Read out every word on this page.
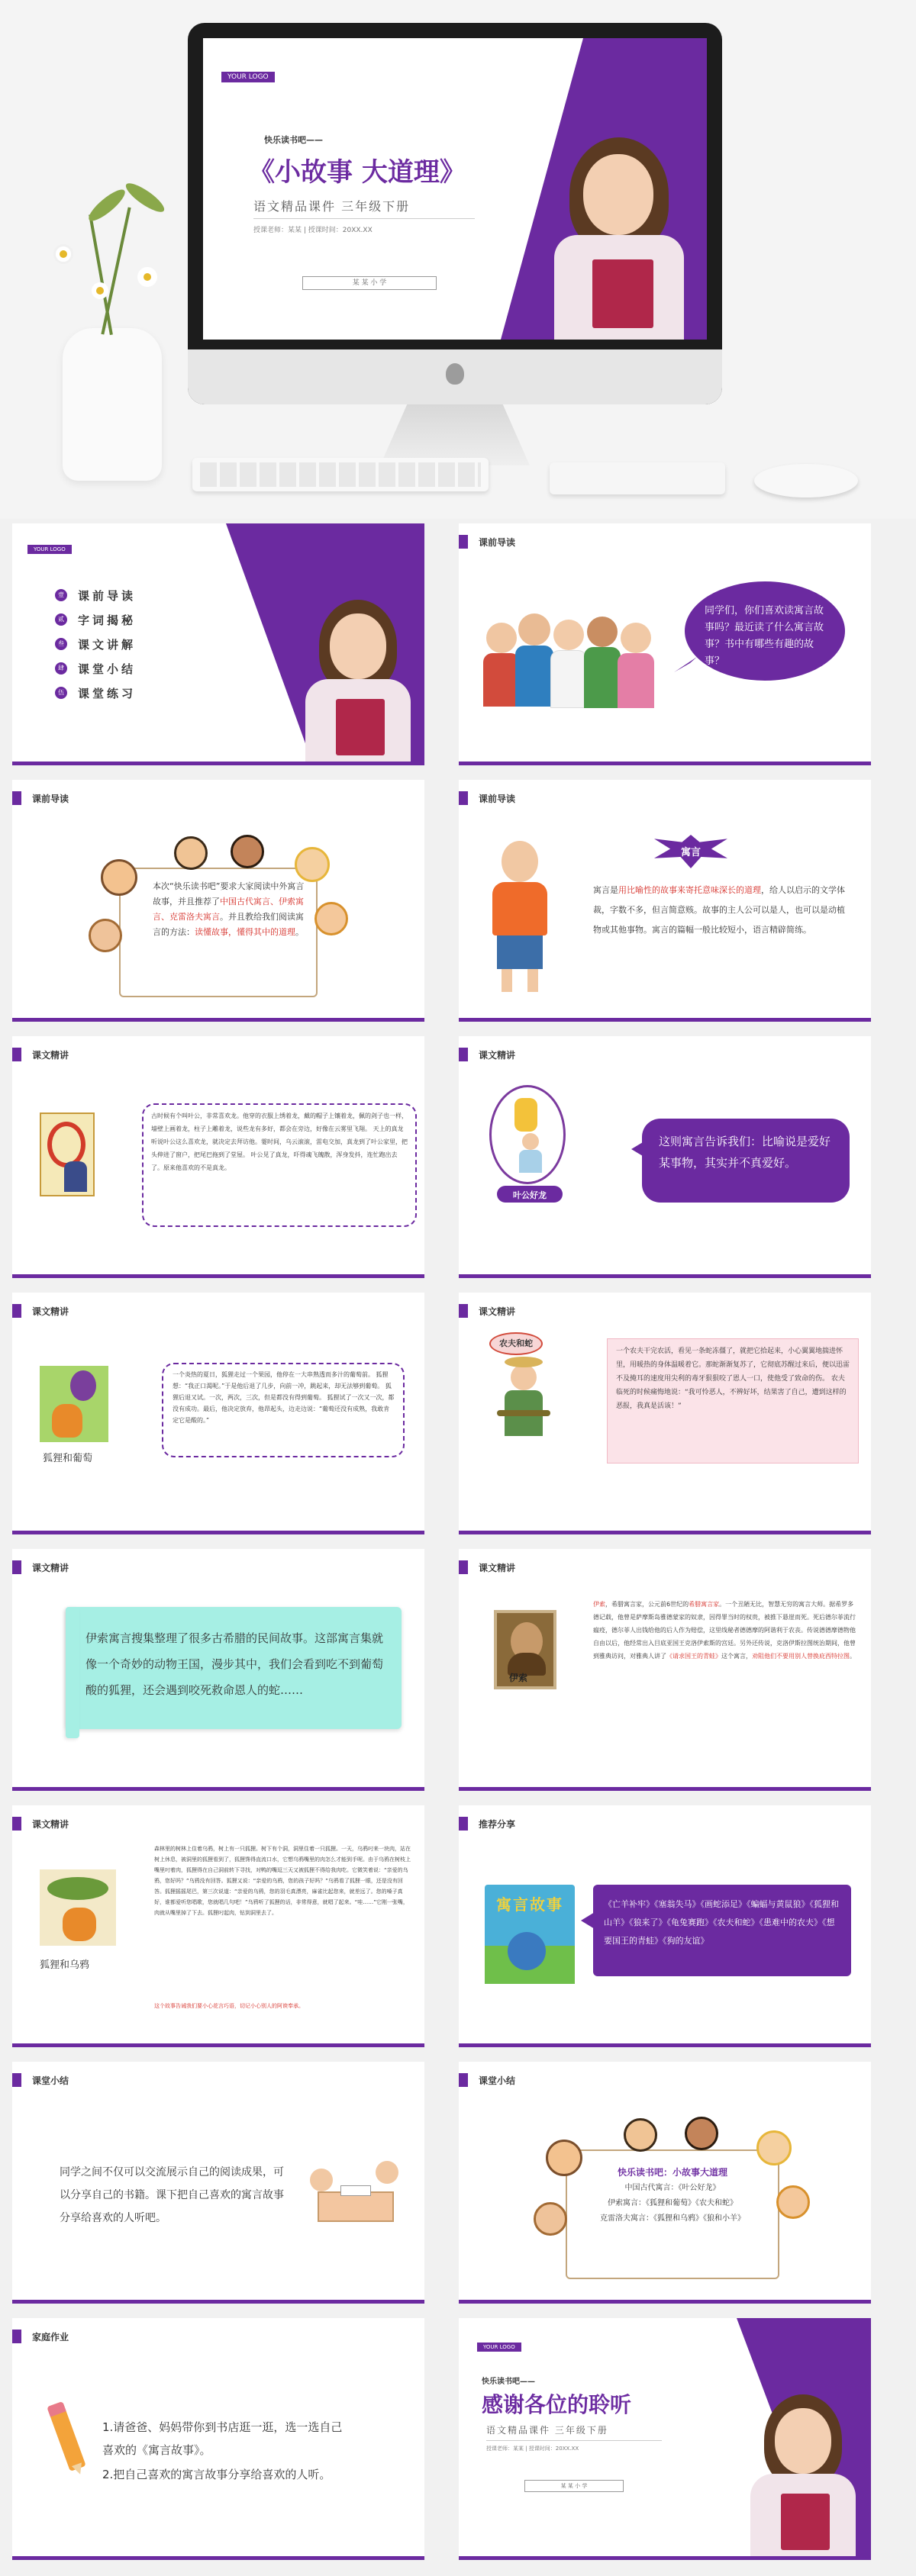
YOUR LOGO
快乐读书吧——
《小故事 大道理》
语文精品课件 三年级下册
授课老师：某某 | 授课时间：20XX.XX
某 某 小 学
YOUR LOGO
壹 课前导读
贰 字词揭秘
叁 课文讲解
肆 课堂小结
伍 课堂练习
课前导读
同学们，你们喜欢读寓言故事吗？最近读了什么寓言故事？书中有哪些有趣的故事？
课前导读
本次“快乐读书吧”要求大家阅读中外寓言故事，并且推荐了中国古代寓言、伊索寓言、克雷洛夫寓言。并且教给我们阅读寓言的方法：读懂故事，懂得其中的道理。
课前导读
寓言
寓言是用比喻性的故事来寄托意味深长的道理，给人以启示的文学体裁，字数不多，但言简意赅。故事的主人公可以是人，也可以是动植物或其他事物。寓言的篇幅一般比较短小，语言精辟简练。
课文精讲
古时候有个叫叶公，非常喜欢龙。他穿的衣服上绣着龙，戴的帽子上镶着龙，佩的剑子也一样，墙壁上画着龙，柱子上雕着龙，说些龙有多好，都会在旁边，好像在云雾里飞翔。 天上的真龙听说叶公这么喜欢龙，就决定去拜访他。霎时间，乌云滚滚，雷电交加，真龙到了叶公家里，把头伸进了窗户，把尾巴拖到了堂屋。 叶公见了真龙，吓得魂飞魄散，浑身发抖，连忙跑出去了。原来他喜欢的不是真龙。
课文精讲
叶公好龙
这则寓言告诉我们：比喻说是爱好某事物，其实并不真爱好。
课文精讲
狐狸和葡萄
一个炎热的夏日，狐狸走过一个果园，他停在一大串熟透而多汁的葡萄前。 狐狸想：“我正口渴呢。”于是他后退了几步，向前一冲，跳起来，却无法够到葡萄。 狐狸后退又试。一次，两次，三次，但是都没有得到葡萄。 狐狸试了一次又一次，都没有成功。最后，他决定放弃，他昂起头，边走边说：“葡萄还没有成熟，我敢肯定它是酸的。”
课文精讲
农夫和蛇
一个农夫干完农活，看见一条蛇冻僵了，就把它拾起来，小心翼翼地揣进怀里，用暖热的身体温暖着它。那蛇渐渐复苏了，它彻底苏醒过来后，便以迅雷不及掩耳的速度用尖利的毒牙狠狠咬了恩人一口，使他受了致命的伤。 农夫临死的时候痛悔地说：“我可怜恶人，不辨好坏，结果害了自己，遭到这样的恶报，我真是活该！”
课文精讲
伊索寓言搜集整理了很多古希腊的民间故事。这部寓言集就像一个奇妙的动物王国，漫步其中，我们会看到吃不到葡萄酸的狐狸，还会遇到咬死救命恩人的蛇……
课文精讲
伊索
伊索，希腊寓言家，公元前6世纪的希腊寓言家。一个丑陋无比，智慧无穷的寓言大师。据希罗多德记载，他曾是萨摩斯岛雅德蒙家的奴隶，因得罪当时的权贵，被推下悬崖而死。死后德尔菲流行瘟疫，德尔菲人出钱给他的后人作为赔偿，这里线秘者德德摩的阿谐利于农丧。传说德德摩德物他自由以后，他经常出入目底亚国王克洛伊索斯的宫廷。另外还传说，克洛伊斯拉图统治期间，他曾到雅典访问，对雅典人讲了《请求国王的青蛙》这个寓言，劝阻他们不要用别人替换庇西特拉图。
课文精讲
狐狸和乌鸦
森林里的树林上住着乌鸦，树上有一只狐狸。树下有个洞，洞里住着一只狐狸。一天，乌鸦叼来一块肉，站在树上休息，被洞里的狐狸看到了，狐狸馋得直流口水，它想乌鸦嘴里的肉怎么才能到手呢。由于乌鸦在树枝上嘴里叼着肉，狐狸得在自己洞前转下寻找，对鸭的嘴逗三天又被狐狸不得给我肉吃。它微笑着说：“亲爱的乌鸦，您好吗？”乌鸦没有回答。狐狸又说：“亲爱的乌鸦，您的孩子好吗？”乌鸦看了狐狸一眼，还是没有回答。狐狸摇摇尾巴，第三次说道：“亲爱的乌鸦，您的羽毛真漂亮，麻雀比起您来，就差远了。您的嗓子真好，谁都爱听您唱歌，您就唱几句吧！”乌鸦听了狐狸的话，非常得意，就唱了起来。“哇……”它刚一张嘴，肉就从嘴里掉了下去。狐狸叼起肉，钻到洞里去了。
这个故事告诫我们要小心花言巧语，切记小心别人的阿谀奉承。
推荐分享
寓言故事	《亡羊补牢》《塞翁失马》《画蛇添足》《蝙蝠与黄鼠狼》《狐狸和山羊》《狼来了》《龟兔赛跑》《农夫和蛇》《患难中的农夫》《想要国王的青蛙》《狗的友谊》
课堂小结
同学之间不仅可以交流展示自己的阅读成果，可以分享自己的书籍。课下把自己喜欢的寓言故事分享给喜欢的人听吧。
课堂小结
快乐读书吧：小故事大道理
中国古代寓言：《叶公好龙》
伊索寓言：《狐狸和葡萄》《农夫和蛇》
克雷洛夫寓言：《狐狸和乌鸦》《狼和小羊》
家庭作业
1.请爸爸、妈妈带你到书店逛一逛，选一选自己喜欢的《寓言故事》。
2.把自己喜欢的寓言故事分享给喜欢的人听。
YOUR LOGO
快乐读书吧——
感谢各位的聆听
语文精品课件 三年级下册
授课老师：某某 | 授课时间：20XX.XX
某 某 小 学
